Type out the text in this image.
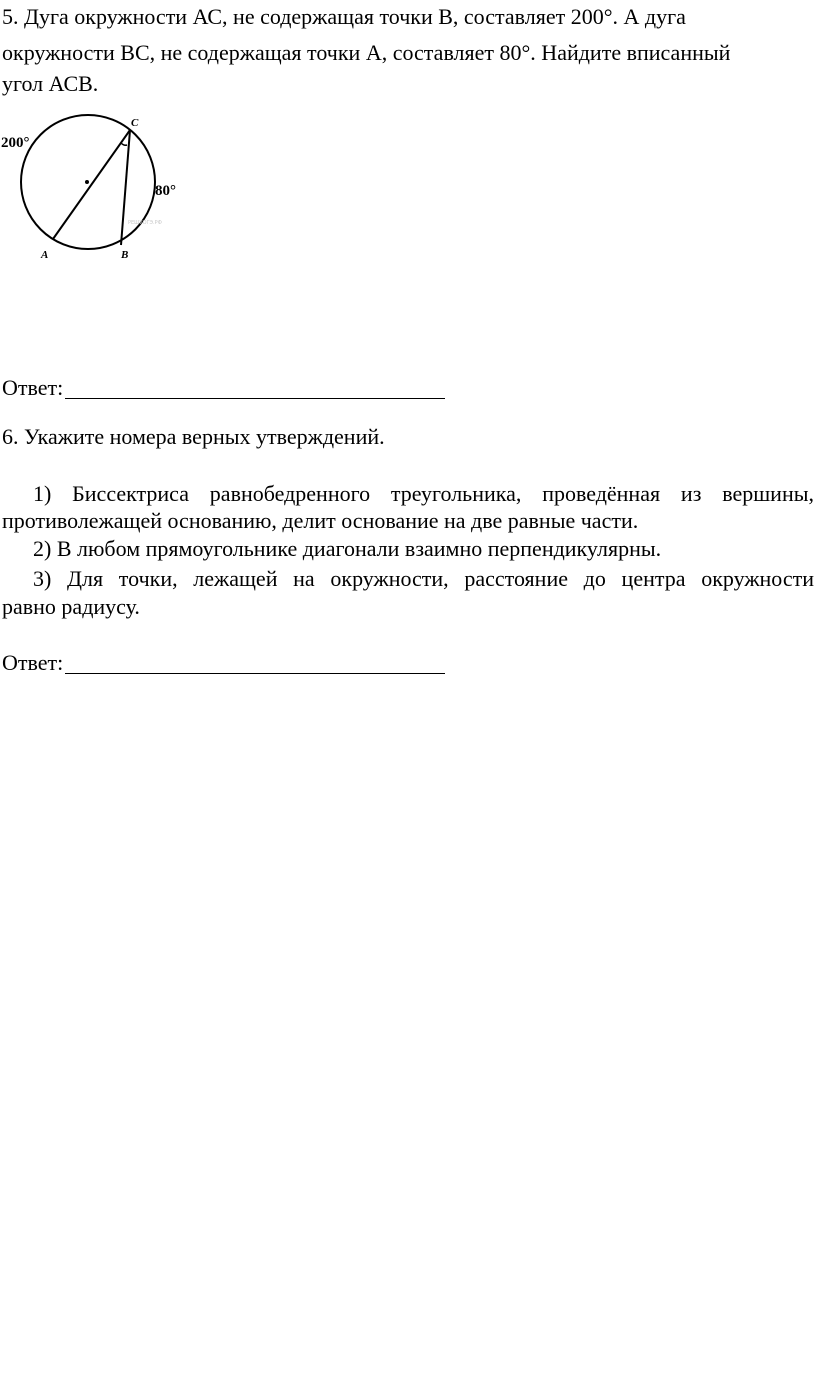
5. Дуга окружности АС, не содержащая точки В, составляет 200°. А дуга
окружности ВС, не содержащая точки А, составляет 80°. Найдите вписанный
угол АСВ.
200°
80°
A	B
C
РЕШУОГЭ.РФ
Ответ:
6. Укажите номера верных утверждений.
1) Биссектриса равнобедренного треугольника, проведённая из вершины,
противолежащей основанию, делит основание на две равные части.
2) В любом прямоугольнике диагонали взаимно перпендикулярны.
3) Для точки, лежащей на окружности, расстояние до центра окружности
равно радиусу.
Ответ:
